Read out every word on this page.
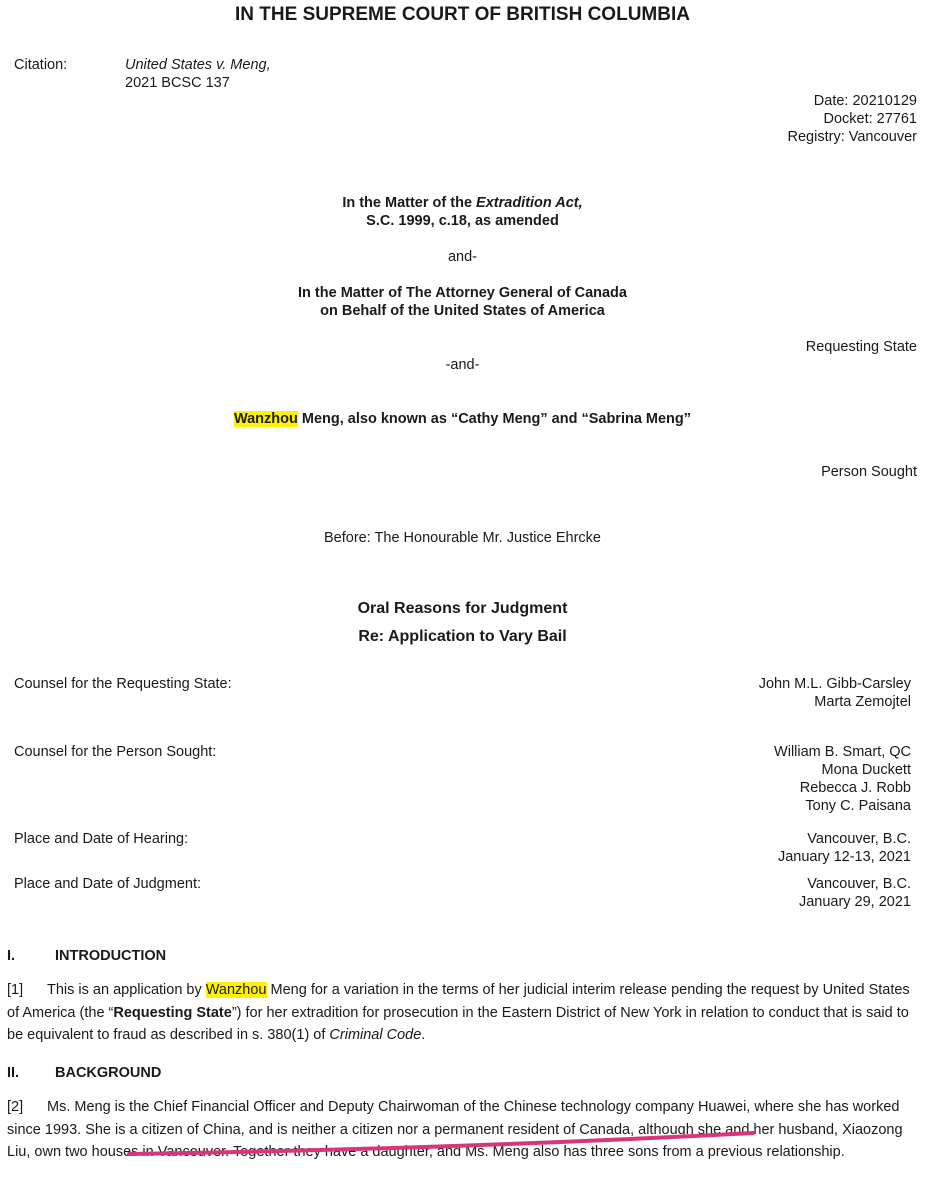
IN THE SUPREME COURT OF BRITISH COLUMBIA
Citation:	United States v. Meng,
2021 BCSC 137
Date: 20210129
Docket: 27761
Registry: Vancouver
In the Matter of the Extradition Act,
S.C. 1999, c.18, as amended
and-
In the Matter of The Attorney General of Canada
on Behalf of the United States of America
Requesting State
-and-
Wanzhou Meng, also known as “Cathy Meng” and “Sabrina Meng”
Person Sought
Before: The Honourable Mr. Justice Ehrcke
Oral Reasons for Judgment
Re: Application to Vary Bail
Counsel for the Requesting State:	John M.L. Gibb-Carsley
Marta Zemojtel
Counsel for the Person Sought:	William B. Smart, QC
Mona Duckett
Rebecca J. Robb
Tony C. Paisana
Place and Date of Hearing:	Vancouver, B.C.
January 12-13, 2021
Place and Date of Judgment:	Vancouver, B.C.
January 29, 2021
I.	INTRODUCTION
[1] This is an application by Wanzhou Meng for a variation in the terms of her judicial interim release pending the request by United States of America (the “Requesting State”) for her extradition for prosecution in the Eastern District of New York in relation to conduct that is said to be equivalent to fraud as described in s. 380(1) of Criminal Code.
II. BACKGROUND
[2] Ms. Meng is the Chief Financial Officer and Deputy Chairwoman of the Chinese technology company Huawei, where she has worked since 1993. She is a citizen of China, and is neither a citizen nor a permanent resident of Canada, although she and her husband, Xiaozong Liu, own two houses in Vancouver. Together they have a daughter, and Ms. Meng also has three sons from a previous relationship.
